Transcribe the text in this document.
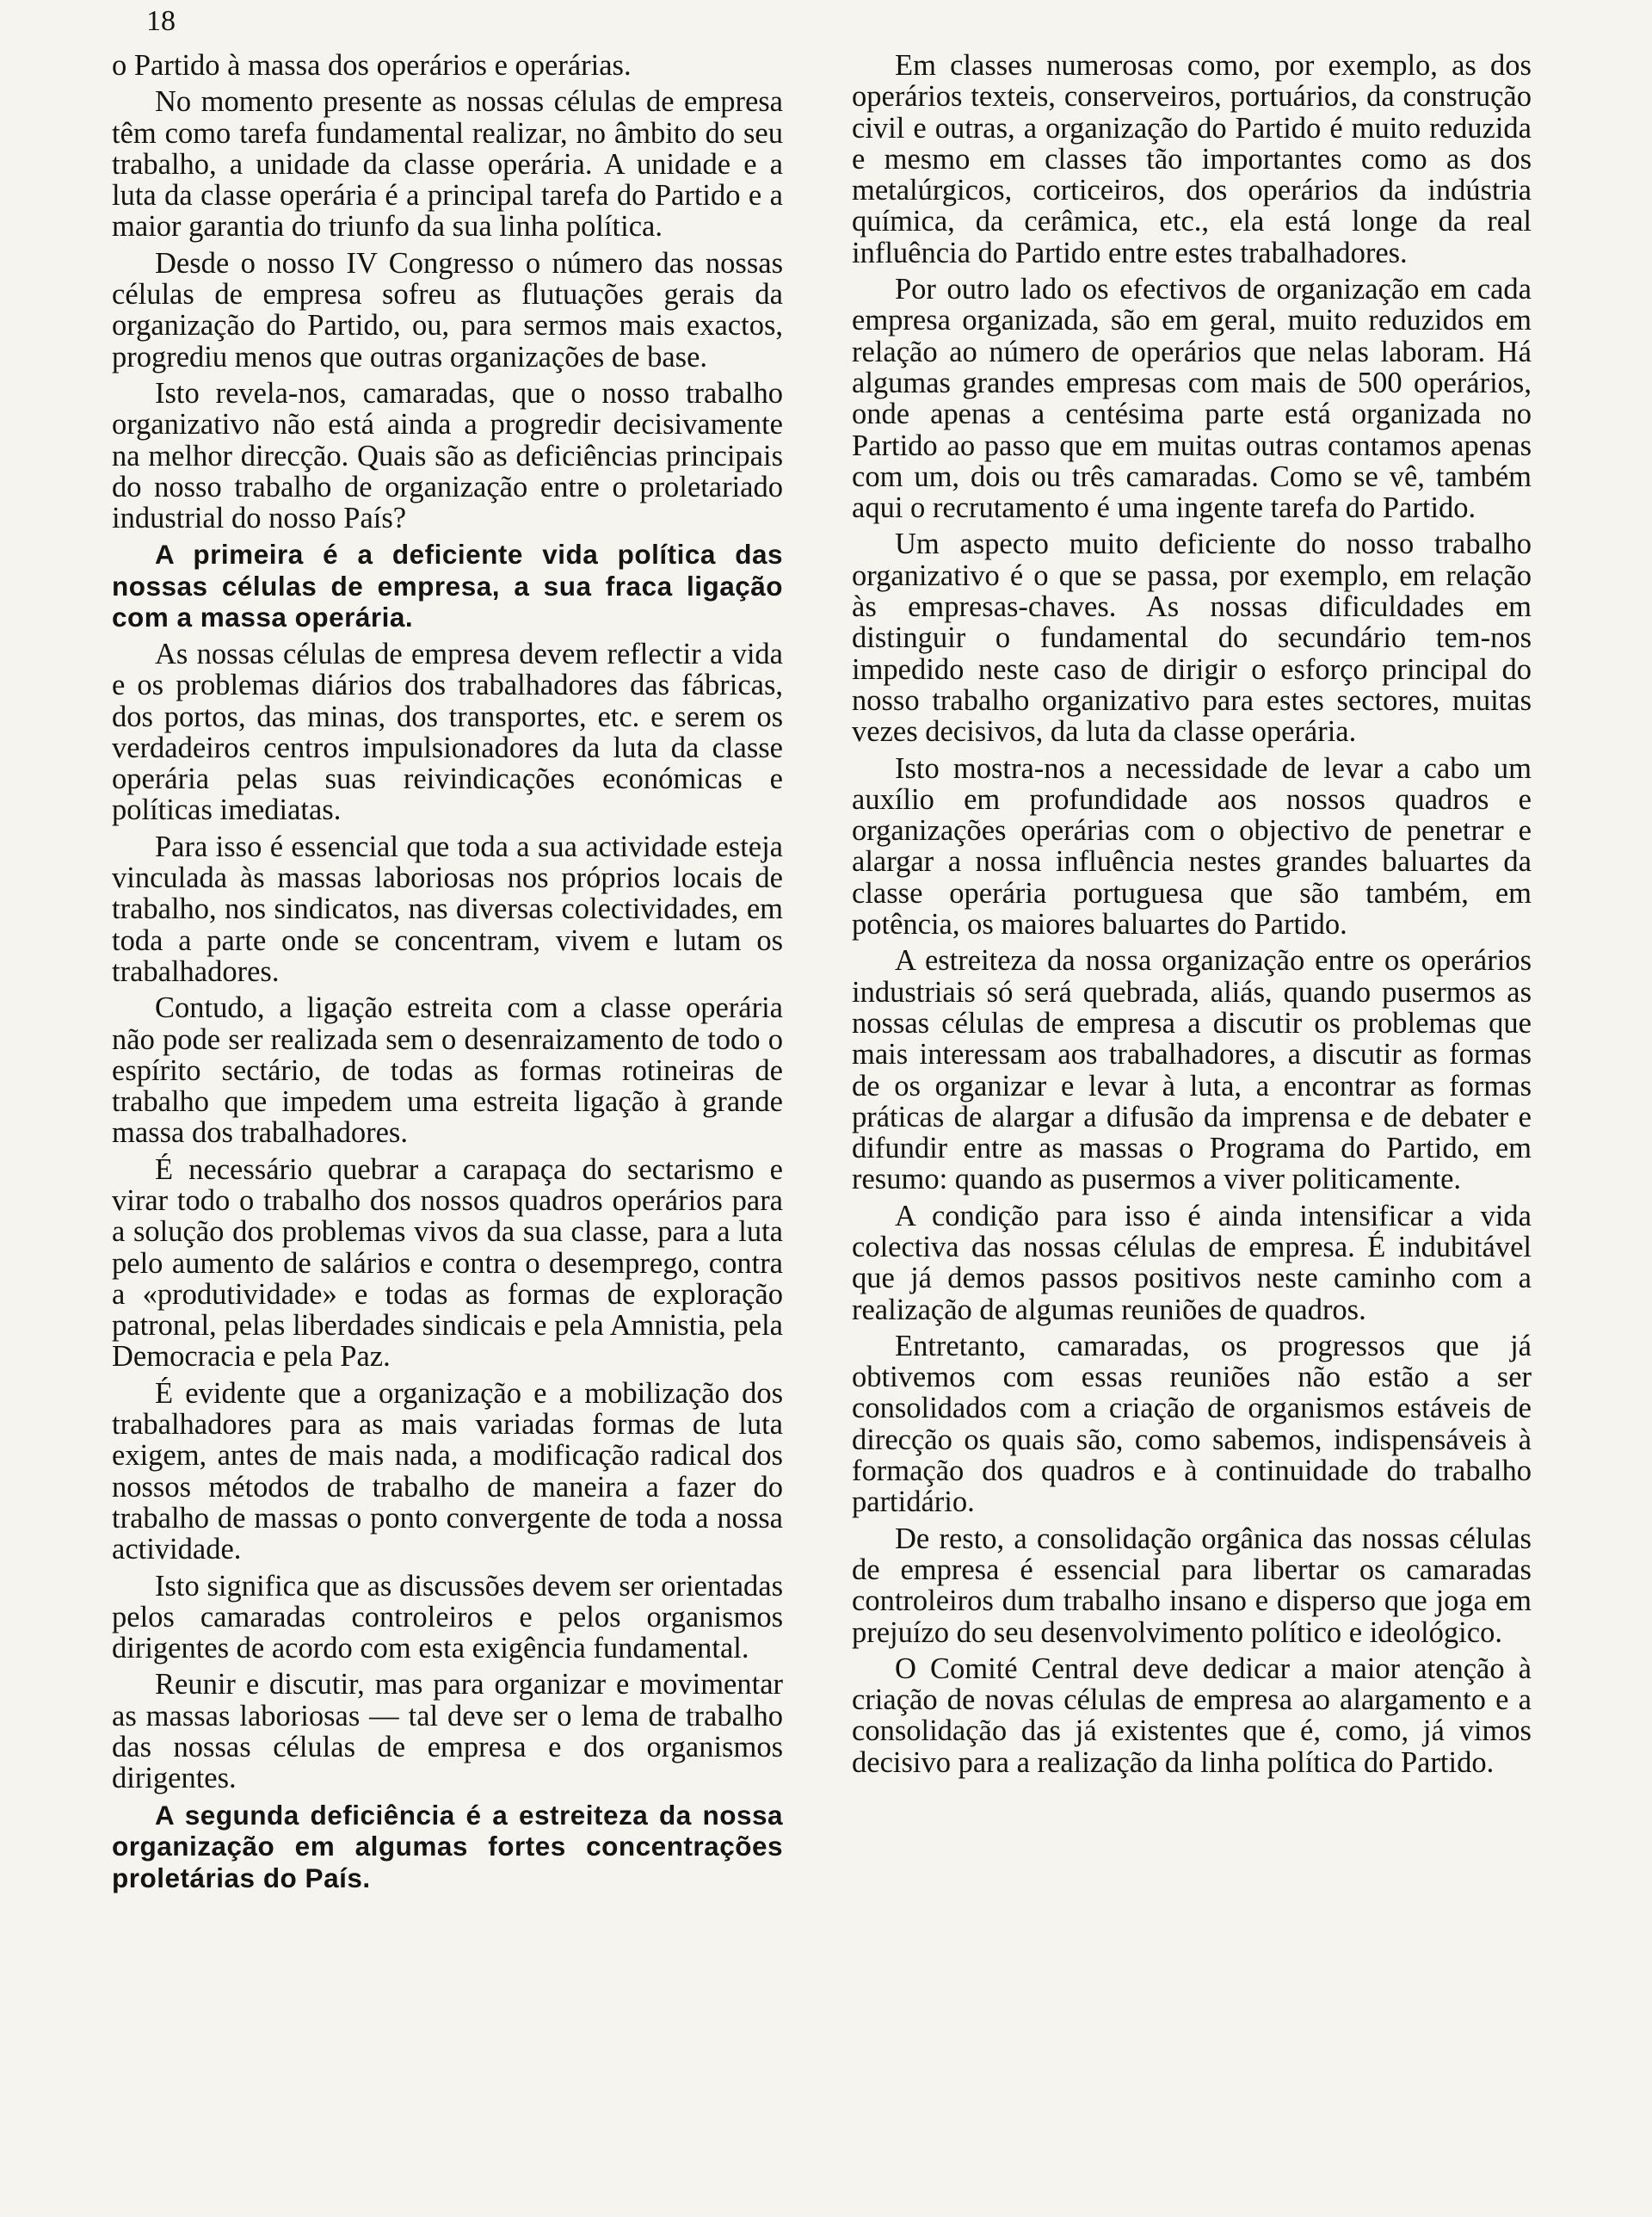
18

o Partido à massa dos operários e operárias.

No momento presente as nossas células de empresa têm como tarefa fundamental realizar, no âmbito do seu trabalho, a unidade da classe operária. A unidade e a luta da classe operária é a principal tarefa do Partido e a maior garantia do triunfo da sua linha política.

Desde o nosso IV Congresso o número das nossas células de empresa sofreu as flutuações gerais da organização do Partido, ou, para sermos mais exactos, progrediu menos que outras organizações de base.

Isto revela-nos, camaradas, que o nosso trabalho organizativo não está ainda a progredir decisivamente na melhor direcção. Quais são as deficiências principais do nosso trabalho de organização entre o proletariado industrial do nosso País?

A primeira é a deficiente vida política das nossas células de empresa, a sua fraca ligação com a massa operária.

As nossas células de empresa devem reflectir a vida e os problemas diários dos trabalhadores das fábricas, dos portos, das minas, dos transportes, etc. e serem os verdadeiros centros impulsionadores da luta da classe operária pelas suas reivindicações económicas e políticas imediatas.

Para isso é essencial que toda a sua actividade esteja vinculada às massas laboriosas nos próprios locais de trabalho, nos sindicatos, nas diversas colectividades, em toda a parte onde se concentram, vivem e lutam os trabalhadores.

Contudo, a ligação estreita com a classe operária não pode ser realizada sem o desenraizamento de todo o espírito sectário, de todas as formas rotineiras de trabalho que impedem uma estreita ligação à grande massa dos trabalhadores.

É necessário quebrar a carapaça do sectarismo e virar todo o trabalho dos nossos quadros operários para a solução dos problemas vivos da sua classe, para a luta pelo aumento de salários e contra o desemprego, contra a «produtividade» e todas as formas de exploração patronal, pelas liberdades sindicais e pela Amnistia, pela Democracia e pela Paz.

É evidente que a organização e a mobilização dos trabalhadores para as mais variadas formas de luta exigem, antes de mais nada, a modificação radical dos nossos métodos de trabalho de maneira a fazer do trabalho de massas o ponto convergente de toda a nossa actividade.

Isto significa que as discussões devem ser orientadas pelos camaradas controleiros e pelos organismos dirigentes de acordo com esta exigência fundamental.

Reunir e discutir, mas para organizar e movimentar as massas laboriosas — tal deve ser o lema de trabalho das nossas células de empresa e dos organismos dirigentes.

A segunda deficiência é a estreiteza da nossa organização em algumas fortes concentrações proletárias do País.

Em classes numerosas como, por exemplo, as dos operários texteis, conserveiros, portuários, da construção civil e outras, a organização do Partido é muito reduzida e mesmo em classes tão importantes como as dos metalúrgicos, corticeiros, dos operários da indústria química, da cerâmica, etc., ela está longe da real influência do Partido entre estes trabalhadores.

Por outro lado os efectivos de organização em cada empresa organizada, são em geral, muito reduzidos em relação ao número de operários que nelas laboram. Há algumas grandes empresas com mais de 500 operários, onde apenas a centésima parte está organizada no Partido ao passo que em muitas outras contamos apenas com um, dois ou três camaradas. Como se vê, também aqui o recrutamento é uma ingente tarefa do Partido.

Um aspecto muito deficiente do nosso trabalho organizativo é o que se passa, por exemplo, em relação às empresas-chaves. As nossas dificuldades em distinguir o fundamental do secundário tem-nos impedido neste caso de dirigir o esforço principal do nosso trabalho organizativo para estes sectores, muitas vezes decisivos, da luta da classe operária.

Isto mostra-nos a necessidade de levar a cabo um auxílio em profundidade aos nossos quadros e organizações operárias com o objectivo de penetrar e alargar a nossa influência nestes grandes baluartes da classe operária portuguesa que são também, em potência, os maiores baluartes do Partido.

A estreiteza da nossa organização entre os operários industriais só será quebrada, aliás, quando pusermos as nossas células de empresa a discutir os problemas que mais interessam aos trabalhadores, a discutir as formas de os organizar e levar à luta, a encontrar as formas práticas de alargar a difusão da imprensa e de debater e difundir entre as massas o Programa do Partido, em resumo: quando as pusermos a viver politicamente.

A condição para isso é ainda intensificar a vida colectiva das nossas células de empresa. É indubitável que já demos passos positivos neste caminho com a realização de algumas reuniões de quadros.

Entretanto, camaradas, os progressos que já obtivemos com essas reuniões não estão a ser consolidados com a criação de organismos estáveis de direcção os quais são, como sabemos, indispensáveis à formação dos quadros e à continuidade do trabalho partidário.

De resto, a consolidação orgânica das nossas células de empresa é essencial para libertar os camaradas controleiros dum trabalho insano e disperso que joga em prejuízo do seu desenvolvimento político e ideológico.

O Comité Central deve dedicar a maior atenção à criação de novas células de empresa ao alargamento e a consolidação das já existentes que é, como, já vimos decisivo para a realização da linha política do Partido.
